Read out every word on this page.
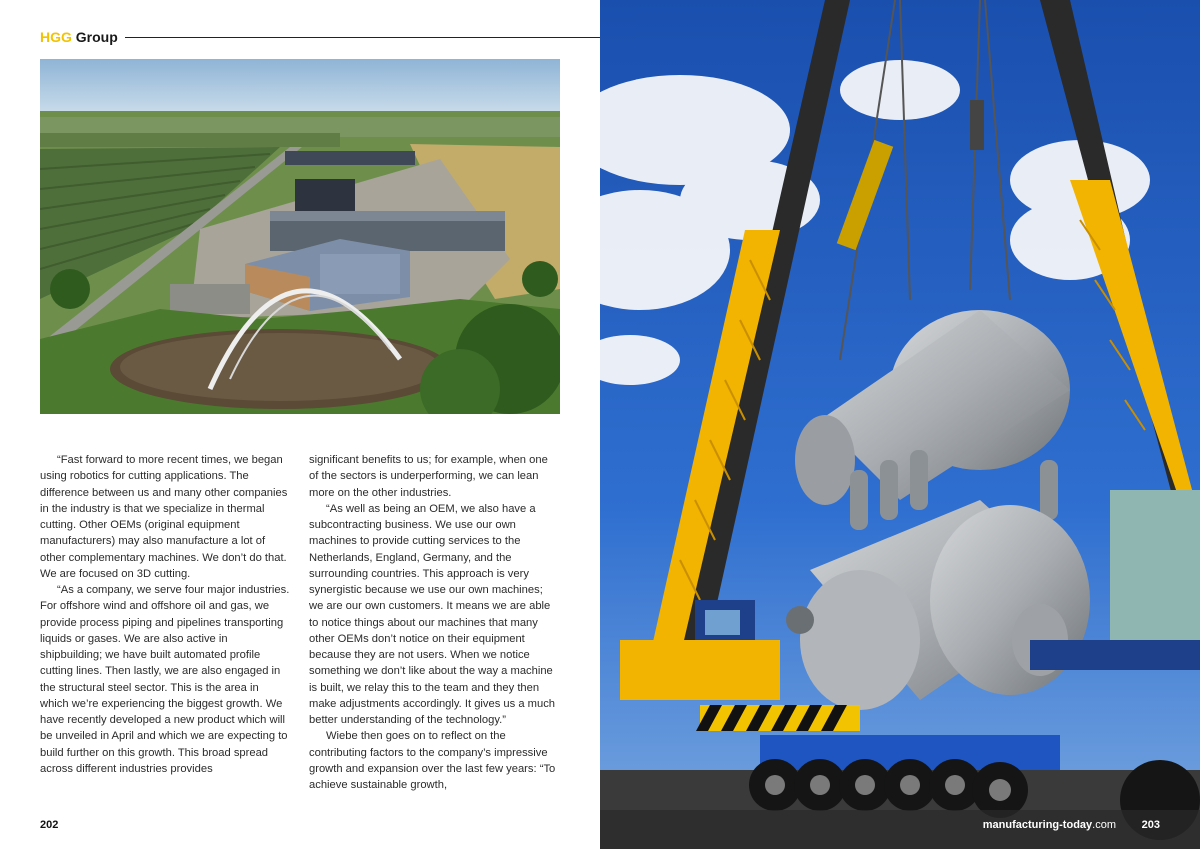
HGG Group

“Fast forward to more recent times, we began using robotics for cutting applications. The difference between us and many other companies in the industry is that we specialize in thermal cutting. Other OEMs (original equipment manufacturers) may also manufacture a lot of other complementary machines. We don’t do that. We are focused on 3D cutting.

“As a company, we serve four major industries. For offshore wind and offshore oil and gas, we provide process piping and pipelines transporting liquids or gases. We are also active in shipbuilding; we have built automated profile cutting lines. Then lastly, we are also engaged in the structural steel sector. This is the area in which we’re experiencing the biggest growth. We have recently developed a new product which will be unveiled in April and which we are expecting to build further on this growth. This broad spread across different industries provides

significant benefits to us; for example, when one of the sectors is underperforming, we can lean more on the other industries.

“As well as being an OEM, we also have a subcontracting business. We use our own machines to provide cutting services to the Netherlands, England, Germany, and the surrounding countries. This approach is very synergistic because we use our own machines; we are our own customers. It means we are able to notice things about our machines that many other OEMs don’t notice on their equipment because they are not users. When we notice something we don’t like about the way a machine is built, we relay this to the team and they then make adjustments accordingly. It gives us a much better understanding of the technology.”

Wiebe then goes on to reflect on the contributing factors to the company’s impressive growth and expansion over the last few years: “To achieve sustainable growth,

202	manufacturing-today.com 203
